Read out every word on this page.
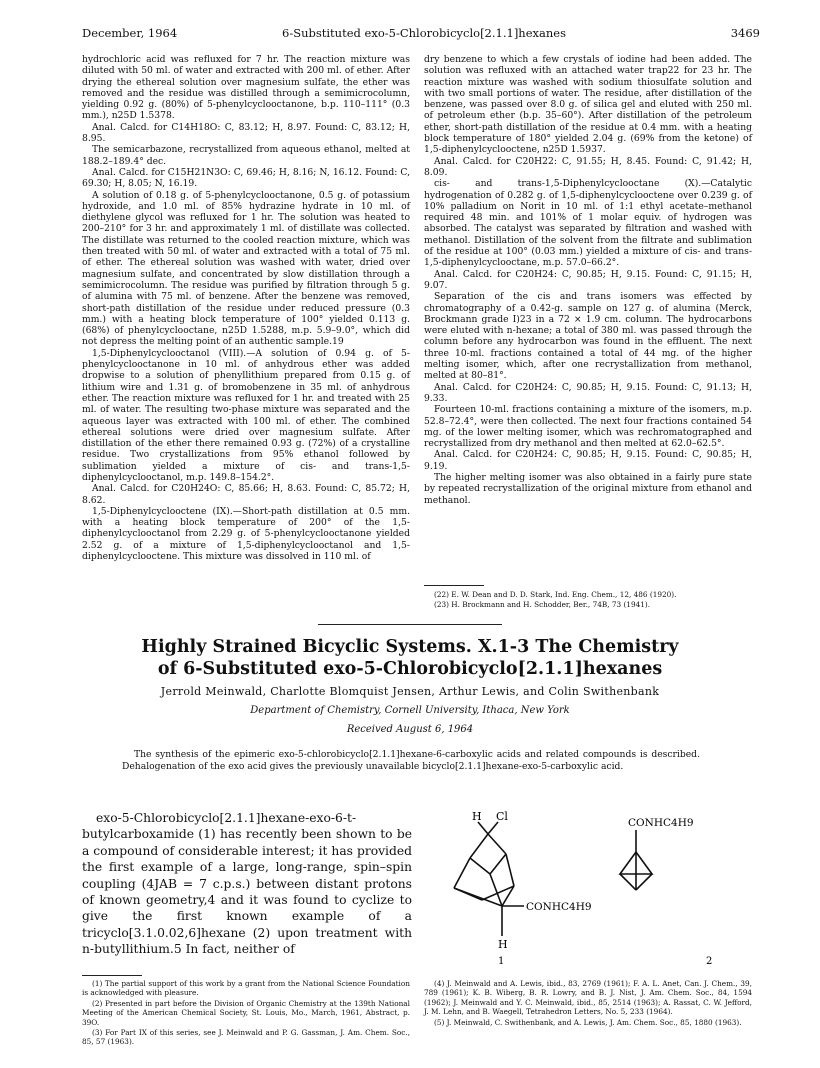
December, 1964	6-Substituted exo-5-Chlorobicyclo[2.1.1]hexanes	3469

hydrochloric acid was refluxed for 7 hr. The reaction mixture was diluted with 50 ml. of water and extracted with 200 ml. of ether. After drying the ethereal solution over magnesium sulfate, the ether was removed and the residue was distilled through a semimicrocolumn, yielding 0.92 g. (80%) of 5-phenylcyclooctanone, b.p. 110–111° (0.3 mm.), n25D 1.5378.

Anal. Calcd. for C14H18O: C, 83.12; H, 8.97. Found: C, 83.12; H, 8.95.

The semicarbazone, recrystallized from aqueous ethanol, melted at 188.2–189.4° dec.

Anal. Calcd. for C15H21N3O: C, 69.46; H, 8.16; N, 16.12. Found: C, 69.30; H, 8.05; N, 16.19.

A solution of 0.18 g. of 5-phenylcyclooctanone, 0.5 g. of potassium hydroxide, and 1.0 ml. of 85% hydrazine hydrate in 10 ml. of diethylene glycol was refluxed for 1 hr. The solution was heated to 200–210° for 3 hr. and approximately 1 ml. of distillate was collected. The distillate was returned to the cooled reaction mixture, which was then treated with 50 ml. of water and extracted with a total of 75 ml. of ether. The ethereal solution was washed with water, dried over magnesium sulfate, and concentrated by slow distillation through a semimicrocolumn. The residue was purified by filtration through 5 g. of alumina with 75 ml. of benzene. After the benzene was removed, short-path distillation of the residue under reduced pressure (0.3 mm.) with a heating block temperature of 100° yielded 0.113 g. (68%) of phenylcyclooctane, n25D 1.5288, m.p. 5.9–9.0°, which did not depress the melting point of an authentic sample.19

1,5-Diphenylcyclooctanol (VIII).—A solution of 0.94 g. of 5-phenylcyclooctanone in 10 ml. of anhydrous ether was added dropwise to a solution of phenyllithium prepared from 0.15 g. of lithium wire and 1.31 g. of bromobenzene in 35 ml. of anhydrous ether. The reaction mixture was refluxed for 1 hr. and treated with 25 ml. of water. The resulting two-phase mixture was separated and the aqueous layer was extracted with 100 ml. of ether. The combined ethereal solutions were dried over magnesium sulfate. After distillation of the ether there remained 0.93 g. (72%) of a crystalline residue. Two crystallizations from 95% ethanol followed by sublimation yielded a mixture of cis- and trans-1,5-diphenylcyclooctanol, m.p. 149.8–154.2°.

Anal. Calcd. for C20H24O: C, 85.66; H, 8.63. Found: C, 85.72; H, 8.62.

1,5-Diphenylcyclooctene (IX).—Short-path distillation at 0.5 mm. with a heating block temperature of 200° of the 1,5-diphenylcyclooctanol from 2.29 g. of 5-phenylcyclooctanone yielded 2.52 g. of a mixture of 1,5-diphenylcyclooctanol and 1,5-diphenylcyclooctene. This mixture was dissolved in 110 ml. of

dry benzene to which a few crystals of iodine had been added. The solution was refluxed with an attached water trap22 for 23 hr. The reaction mixture was washed with sodium thiosulfate solution and with two small portions of water. The residue, after distillation of the benzene, was passed over 8.0 g. of silica gel and eluted with 250 ml. of petroleum ether (b.p. 35–60°). After distillation of the petroleum ether, short-path distillation of the residue at 0.4 mm. with a heating block temperature of 180° yielded 2.04 g. (69% from the ketone) of 1,5-diphenylcyclooctene, n25D 1.5937.

Anal. Calcd. for C20H22: C, 91.55; H, 8.45. Found: C, 91.42; H, 8.09.

cis- and trans-1,5-Diphenylcyclooctane (X).—Catalytic hydrogenation of 0.282 g. of 1,5-diphenylcyclooctene over 0.239 g. of 10% palladium on Norit in 10 ml. of 1:1 ethyl acetate–methanol required 48 min. and 101% of 1 molar equiv. of hydrogen was absorbed. The catalyst was separated by filtration and washed with methanol. Distillation of the solvent from the filtrate and sublimation of the residue at 100° (0.03 mm.) yielded a mixture of cis- and trans-1,5-diphenylcyclooctane, m.p. 57.0–66.2°.

Anal. Calcd. for C20H24: C, 90.85; H, 9.15. Found: C, 91.15; H, 9.07.

Separation of the cis and trans isomers was effected by chromatography of a 0.42-g. sample on 127 g. of alumina (Merck, Brockmann grade I)23 in a 72 × 1.9 cm. column. The hydrocarbons were eluted with n-hexane; a total of 380 ml. was passed through the column before any hydrocarbon was found in the effluent. The next three 10-ml. fractions contained a total of 44 mg. of the higher melting isomer, which, after one recrystallization from methanol, melted at 80–81°.

Anal. Calcd. for C20H24: C, 90.85; H, 9.15. Found: C, 91.13; H, 9.33.

Fourteen 10-ml. fractions containing a mixture of the isomers, m.p. 52.8–72.4°, were then collected. The next four fractions contained 54 mg. of the lower melting isomer, which was rechromatographed and recrystallized from dry methanol and then melted at 62.0–62.5°.

Anal. Calcd. for C20H24: C, 90.85; H, 9.15. Found: C, 90.85; H, 9.19.

The higher melting isomer was also obtained in a fairly pure state by repeated recrystallization of the original mixture from ethanol and methanol.

(22) E. W. Dean and D. D. Stark, Ind. Eng. Chem., 12, 486 (1920).

(23) H. Brockmann and H. Schodder, Ber., 74B, 73 (1941).

Highly Strained Bicyclic Systems. X.1-3 The Chemistry
of 6-Substituted exo-5-Chlorobicyclo[2.1.1]hexanes
Jerrold Meinwald, Charlotte Blomquist Jensen, Arthur Lewis, and Colin Swithenbank
Department of Chemistry, Cornell University, Ithaca, New York
Received August 6, 1964

The synthesis of the epimeric exo-5-chlorobicyclo[2.1.1]hexane-6-carboxylic acids and related compounds is described. Dehalogenation of the exo acid gives the previously unavailable bicyclo[2.1.1]hexane-exo-5-carboxylic acid.

exo-5-Chlorobicyclo[2.1.1]hexane-exo-6-t-butylcarboxamide (1) has recently been shown to be a compound of considerable interest; it has provided the first example of a large, long-range, spin–spin coupling (4JAB = 7 c.p.s.) between distant protons of known geometry,4 and it was found to cyclize to give the first known example of a tricyclo[3.1.0.02,6]hexane (2) upon treatment with n-butyllithium.5 In fact, neither of

H Cl
CONHC4H9
H
1
CONHC4H9
2

(1) The partial support of this work by a grant from the National Science Foundation is acknowledged with pleasure.

(2) Presented in part before the Division of Organic Chemistry at the 139th National Meeting of the American Chemical Society, St. Louis, Mo., March, 1961, Abstract, p. 39O.

(3) For Part IX of this series, see J. Meinwald and P. G. Gassman, J. Am. Chem. Soc., 85, 57 (1963).

(4) J. Meinwald and A. Lewis, ibid., 83, 2769 (1961); F. A. L. Anet, Can. J. Chem., 39, 789 (1961); K. B. Wiberg, B. R. Lowry, and B. J. Nist, J. Am. Chem. Soc., 84, 1594 (1962); J. Meinwald and Y. C. Meinwald, ibid., 85, 2514 (1963); A. Rassat, C. W. Jefford, J. M. Lehn, and B. Waegell, Tetrahedron Letters, No. 5, 233 (1964).

(5) J. Meinwald, C. Swithenbank, and A. Lewis, J. Am. Chem. Soc., 85, 1880 (1963).
